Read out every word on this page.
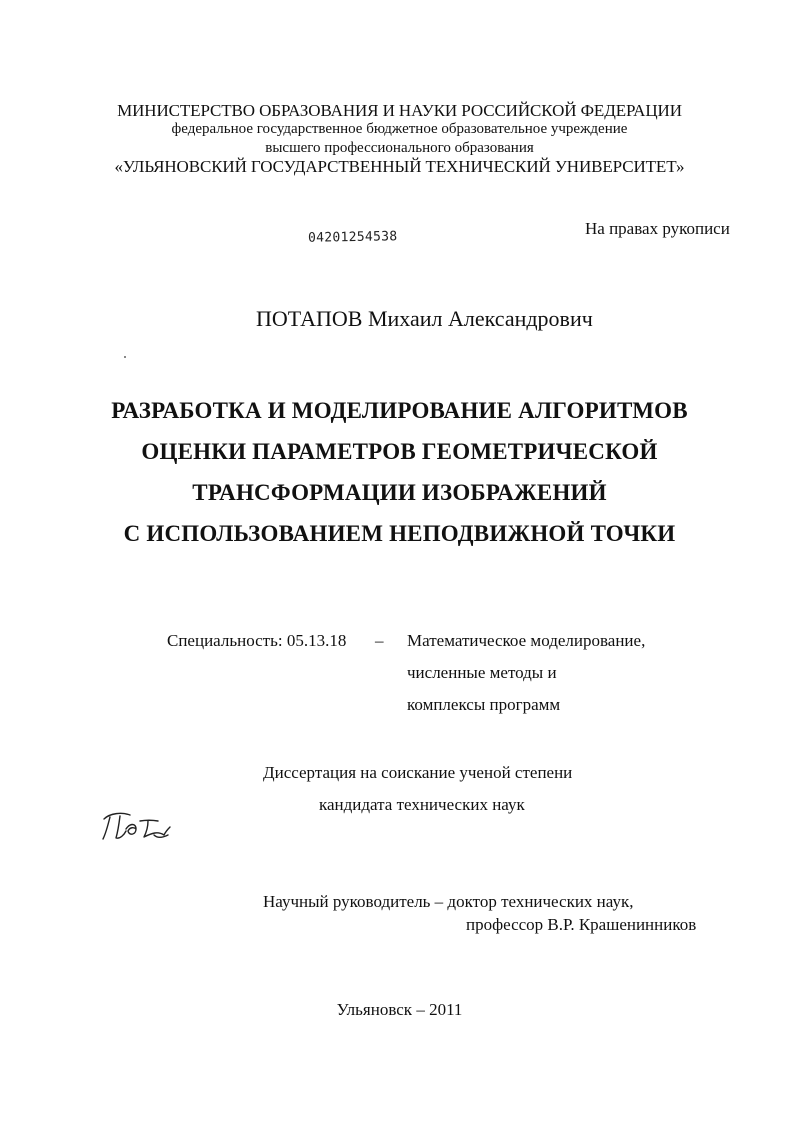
МИНИСТЕРСТВО ОБРАЗОВАНИЯ И НАУКИ РОССИЙСКОЙ ФЕДЕРАЦИИ
федеральное государственное бюджетное образовательное учреждение
высшего профессионального образования
«УЛЬЯНОВСКИЙ ГОСУДАРСТВЕННЫЙ ТЕХНИЧЕСКИЙ УНИВЕРСИТЕТ»
На правах рукописи
04201254538
ПОТАПОВ Михаил Александрович
РАЗРАБОТКА И МОДЕЛИРОВАНИЕ АЛГОРИТМОВ
ОЦЕНКИ ПАРАМЕТРОВ ГЕОМЕТРИЧЕСКОЙ
ТРАНСФОРМАЦИИ ИЗОБРАЖЕНИЙ
С ИСПОЛЬЗОВАНИЕМ НЕПОДВИЖНОЙ ТОЧКИ
Специальность: 05.13.18 – Математическое моделирование,
численные методы и
комплексы программ
Диссертация на соискание ученой степени
кандидата технических наук
Научный руководитель – доктор технических наук,
профессор В.Р. Крашенинников
Ульяновск – 2011
